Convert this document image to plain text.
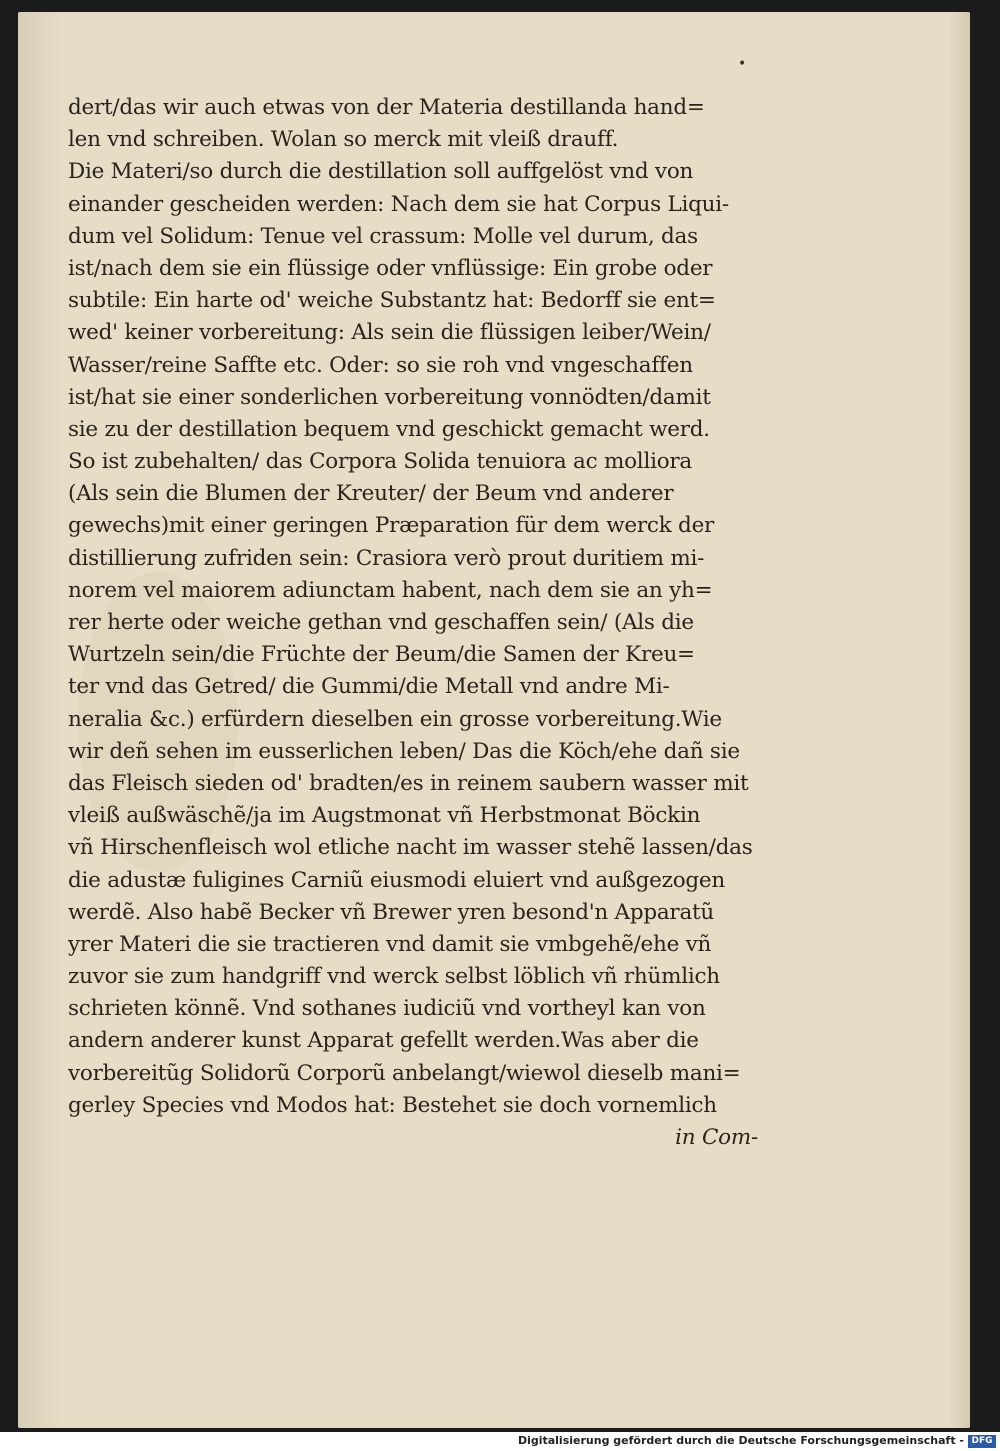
•
dert/das wir auch etwas von der Materia destillanda hand=
len vnd schreiben. Wolan so merck mit vleiß drauff.
Die Materi/so durch die destillation soll auffgelöst vnd von
einander gescheiden werden: Nach dem sie hat Corpus Liqui-
dum vel Solidum: Tenue vel crassum: Molle vel durum, das
ist/nach dem sie ein flüssige oder vnflüssige: Ein grobe oder
subtile: Ein harte od' weiche Substantz hat: Bedorff sie ent=
wed' keiner vorbereitung: Als sein die flüssigen leiber/Wein/
Wasser/reine Saffte etc. Oder: so sie roh vnd vngeschaffen
ist/hat sie einer sonderlichen vorbereitung vonnödten/damit
sie zu der destillation bequem vnd geschickt gemacht werd.
So ist zubehalten/ das Corpora Solida tenuiora ac molliora
(Als sein die Blumen der Kreuter/ der Beum vnd anderer
gewechs)mit einer geringen Præparation für dem werck der
distillierung zufriden sein: Crasiora verò prout duritiem mi-
norem vel maiorem adiunctam habent, nach dem sie an yh=
rer herte oder weiche gethan vnd geschaffen sein/ (Als die
Wurtzeln sein/die Früchte der Beum/die Samen der Kreu=
ter vnd das Getred/ die Gummi/die Metall vnd andre Mi-
neralia &c.) erfürdern dieselben ein grosse vorbereitung.Wie
wir deñ sehen im eusserlichen leben/ Das die Köch/ehe dañ sie
das Fleisch sieden od' bradten/es in reinem saubern wasser mit
vleiß außwäschẽ/ja im Augstmonat vñ Herbstmonat Böckin
vñ Hirschenfleisch wol etliche nacht im wasser stehẽ lassen/das
die adustæ fuligines Carniũ eiusmodi eluiert vnd außgezogen
werdẽ. Also habẽ Becker vñ Brewer yren besond'n Apparatũ
yrer Materi die sie tractieren vnd damit sie vmbgehẽ/ehe vñ
zuvor sie zum handgriff vnd werck selbst löblich vñ rhümlich
schrieten könnẽ. Vnd sothanes iudiciũ vnd vortheyl kan von
andern anderer kunst Apparat gefellt werden.Was aber die
vorbereitũg Solidorũ Corporũ anbelangt/wiewol dieselb mani=
gerley Species vnd Modos hat: Bestehet sie doch vornemlich
in Com-
Digitalisierung gefördert durch die Deutsche Forschungsgemeinschaft - DFG
